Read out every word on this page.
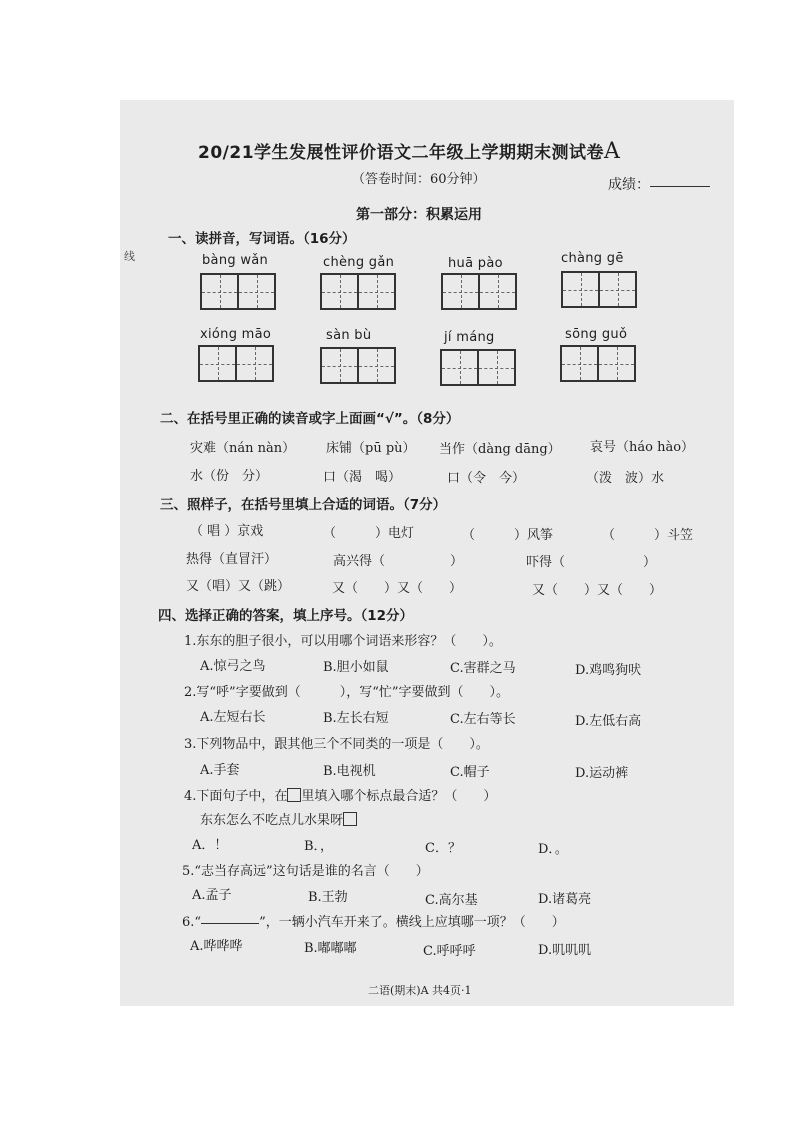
线
20/21学生发展性评价语文二年级上学期期末测试卷A
（答卷时间：60分钟）	成绩：
第一部分：积累运用
一、读拼音，写词语。（16分）
bàng wǎn	chèng gǎn	huā pào	chàng gē
xióng māo	sàn bù	jí máng	sōng guǒ
二、在括号里正确的读音或字上面画“√”。（8分）
灾难（nán nàn） 床铺（pū pù） 当作（dàng dāng） 哀号（háo hào）
水（份　分）	口（渴　喝）	口（令　今）	（泼　波）水
三、照样子，在括号里填上合适的词语。（7分）
（ 唱 ）京戏	（　　　）电灯	（　　　）风筝	（　　　）斗笠
热得（直冒汗）	高兴得（　　　　　）	吓得（　　　　　　）
又（唱）又（跳）	又（　　）又（　　）	又（　　）又（　　）
四、选择正确的答案，填上序号。（12分）
1.东东的胆子很小，可以用哪个词语来形容？（　　）。
A.惊弓之鸟	B.胆小如鼠	C.害群之马	D.鸡鸣狗吠
2.写“呼”字要做到（　　　），写“忙”字要做到（　　）。
A.左短右长	B.左长右短	C.左右等长	D.左低右高
3.下列物品中，跟其他三个不同类的一项是（　　）。
A.手套	B.电视机	C.帽子	D.运动裤
4.下面句子中，在 里填入哪个标点最合适？（　　）
东东怎么不吃点儿水果呀
A．！	B．，	C．？	D．。
5.“志当存高远”这句话是谁的名言（　　）
A.孟子	B.王勃	C.高尔基	D.诸葛亮
6.“	”，一辆小汽车开来了。横线上应填哪一项？（　　）
A.哗哗哗	B.嘟嘟嘟	C.呼呼呼	D.叽叽叽
二语(期末)A 共4页·1
